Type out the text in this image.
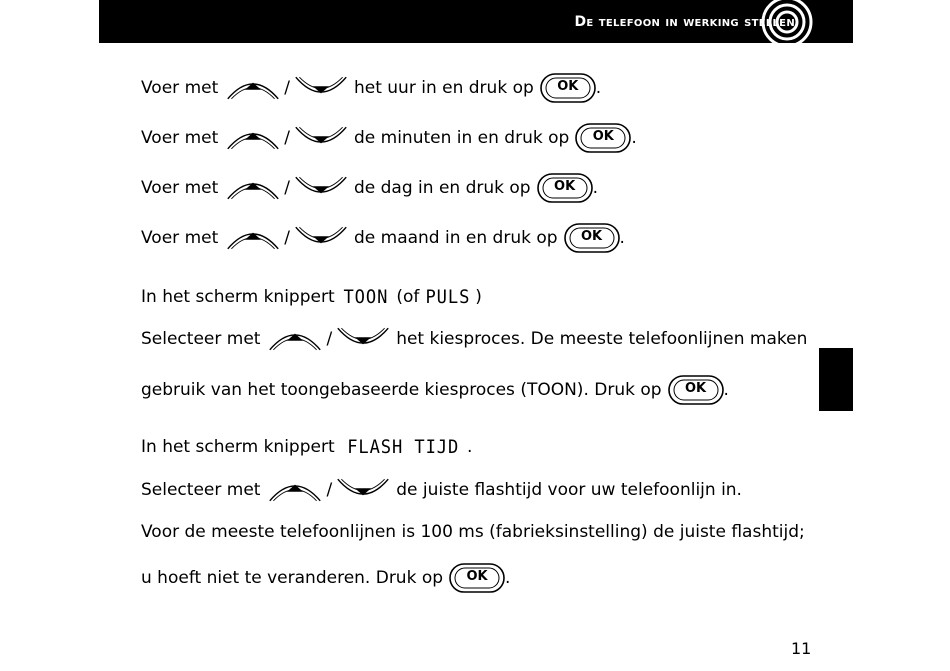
De telefoon in werking stellen
Voer met	/	het uur in en druk op	OK	.
Voer met	/	de minuten in en druk op	OK	.
Voer met	/	de dag in en druk op	OK	.
Voer met	/	de maand in en druk op	OK	.
In het scherm knippert TOON (of PULS )
Selecteer met	/	het kiesproces. De meeste telefoonlijnen maken
gebruik van het toongebaseerde kiesproces (TOON). Druk op	OK	.
In het scherm knippert FLASH TIJD .
Selecteer met	/	de juiste flashtijd voor uw telefoonlijn in.
Voor de meeste telefoonlijnen is 100 ms (fabrieksinstelling) de juiste flashtijd;
u hoeft niet te veranderen. Druk op	OK	.
11
